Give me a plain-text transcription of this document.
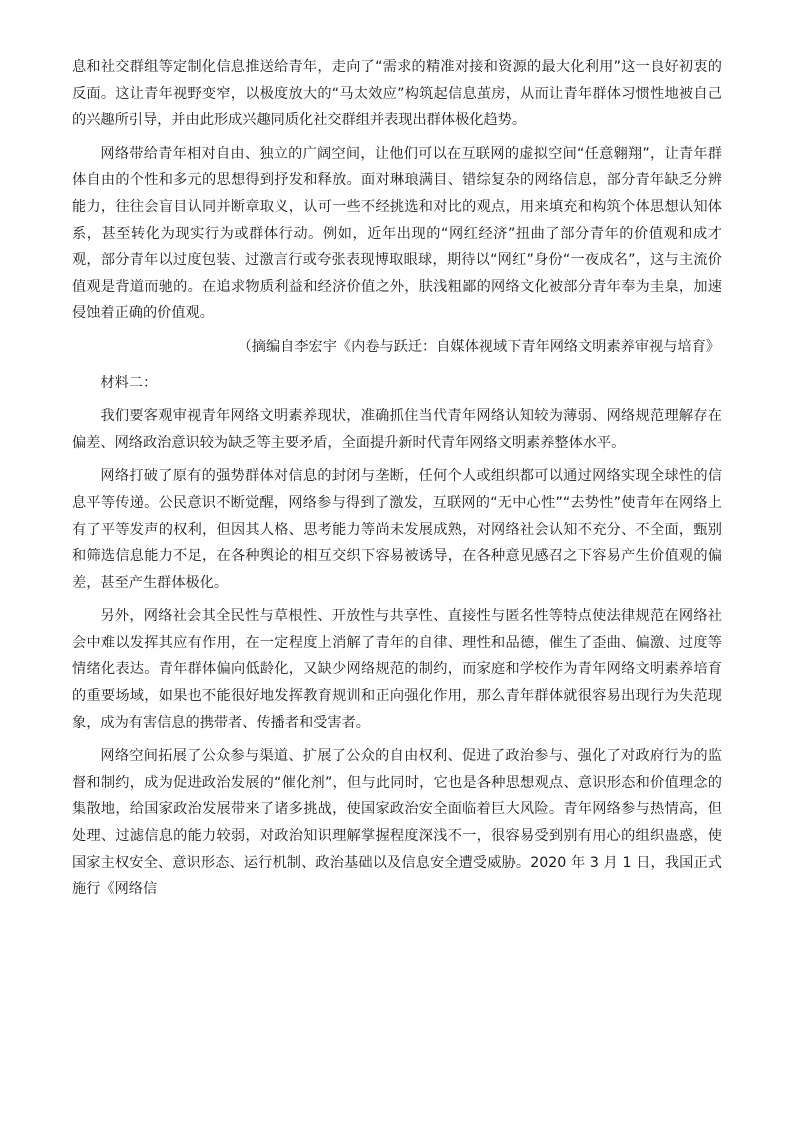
息和社交群组等定制化信息推送给青年，走向了“需求的精准对接和资源的最大化利用”这一良好初衷的反面。这让青年视野变窄，以极度放大的“马太效应”构筑起信息茧房，从而让青年群体习惯性地被自己的兴趣所引导，并由此形成兴趣同质化社交群组并表现出群体极化趋势。

网络带给青年相对自由、独立的广阔空间，让他们可以在互联网的虚拟空间“任意翱翔”，让青年群体自由的个性和多元的思想得到抒发和释放。面对琳琅满目、错综复杂的网络信息，部分青年缺乏分辨能力，往往会盲目认同并断章取义，认可一些不经挑选和对比的观点，用来填充和构筑个体思想认知体系，甚至转化为现实行为或群体行动。例如，近年出现的“网红经济”扭曲了部分青年的价值观和成才观，部分青年以过度包装、过激言行或夸张表现博取眼球，期待以“网红”身份“一夜成名”，这与主流价值观是背道而驰的。在追求物质利益和经济价值之外，肤浅粗鄙的网络文化被部分青年奉为圭臬，加速侵蚀着正确的价值观。

（摘编自李宏宇《内卷与跃迁：自媒体视域下青年网络文明素养审视与培育》

材料二：

我们要客观审视青年网络文明素养现状，准确抓住当代青年网络认知较为薄弱、网络规范理解存在偏差、网络政治意识较为缺乏等主要矛盾，全面提升新时代青年网络文明素养整体水平。

网络打破了原有的强势群体对信息的封闭与垄断，任何个人或组织都可以通过网络实现全球性的信息平等传递。公民意识不断觉醒，网络参与得到了激发，互联网的“无中心性”“去势性”使青年在网络上有了平等发声的权利，但因其人格、思考能力等尚未发展成熟，对网络社会认知不充分、不全面，甄别和筛选信息能力不足，在各种舆论的相互交织下容易被诱导，在各种意见感召之下容易产生价值观的偏差，甚至产生群体极化。

另外，网络社会其全民性与草根性、开放性与共享性、直接性与匿名性等特点使法律规范在网络社会中难以发挥其应有作用，在一定程度上消解了青年的自律、理性和品德，催生了歪曲、偏激、过度等情绪化表达。青年群体偏向低龄化，又缺少网络规范的制约，而家庭和学校作为青年网络文明素养培育的重要场域，如果也不能很好地发挥教育规训和正向强化作用，那么青年群体就很容易出现行为失范现象，成为有害信息的携带者、传播者和受害者。

网络空间拓展了公众参与渠道、扩展了公众的自由权利、促进了政治参与、强化了对政府行为的监督和制约，成为促进政治发展的“催化剂”，但与此同时，它也是各种思想观点、意识形态和价值理念的集散地，给国家政治发展带来了诸多挑战，使国家政治安全面临着巨大风险。青年网络参与热情高，但处理、过滤信息的能力较弱，对政治知识理解掌握程度深浅不一，很容易受到别有用心的组织蛊惑，使国家主权安全、意识形态、运行机制、政治基础以及信息安全遭受威胁。2020 年 3 月 1 日，我国正式施行《网络信
